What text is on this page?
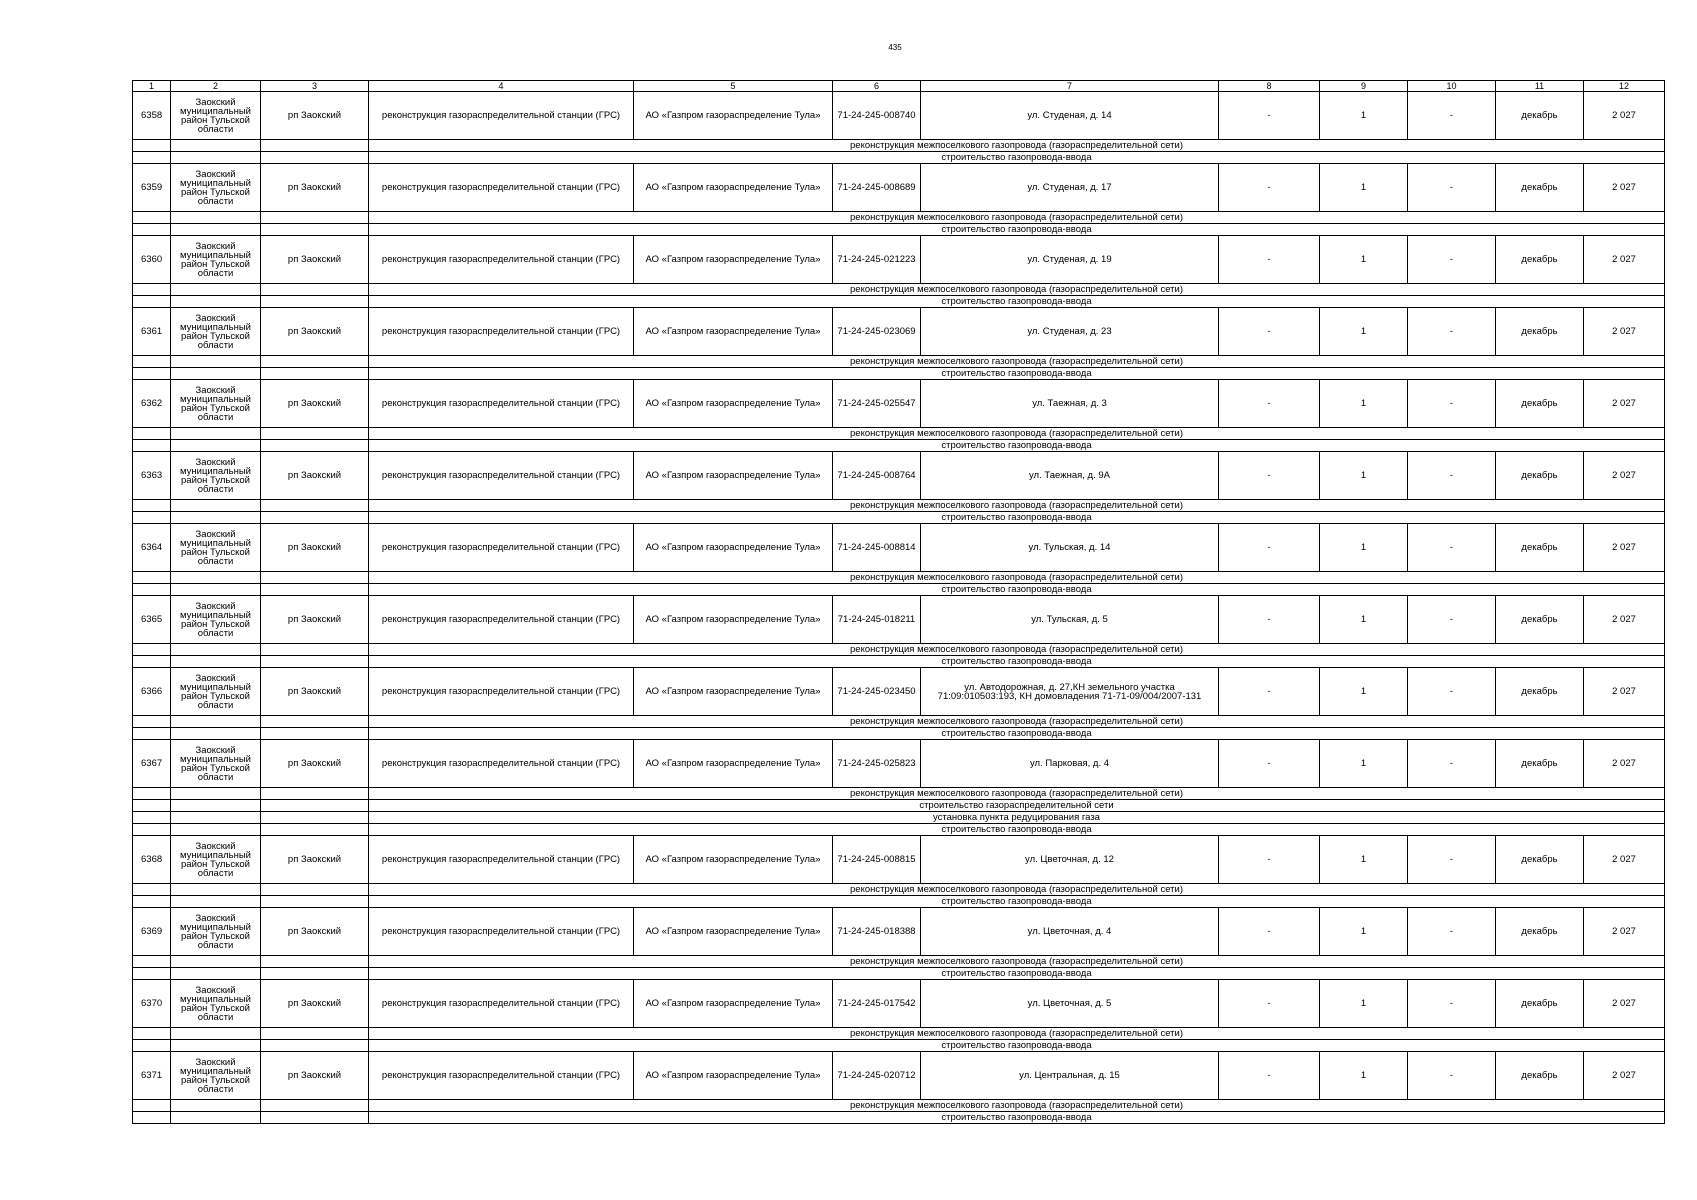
435
1	2	3	4	5	6	7	8	9	10	11	12
6358	Заокский муниципальный район Тульской области	рп Заокский	реконструкция газораспределительной станции (ГРС)	АО «Газпром газораспределение Тула»	71-24-245-008740	ул. Студеная, д. 14	-	1	-	декабрь	2 027
			реконструкция межпоселкового газопровода (газораспределительной сети)								
			строительство газопровода-ввода								
6359	Заокский муниципальный район Тульской области	рп Заокский	реконструкция газораспределительной станции (ГРС)	АО «Газпром газораспределение Тула»	71-24-245-008689	ул. Студеная, д. 17	-	1	-	декабрь	2 027
			реконструкция межпоселкового газопровода (газораспределительной сети)								
			строительство газопровода-ввода								
6360	Заокский муниципальный район Тульской области	рп Заокский	реконструкция газораспределительной станции (ГРС)	АО «Газпром газораспределение Тула»	71-24-245-021223	ул. Студеная, д. 19	-	1	-	декабрь	2 027
			реконструкция межпоселкового газопровода (газораспределительной сети)								
			строительство газопровода-ввода								
6361	Заокский муниципальный район Тульской области	рп Заокский	реконструкция газораспределительной станции (ГРС)	АО «Газпром газораспределение Тула»	71-24-245-023069	ул. Студеная, д. 23	-	1	-	декабрь	2 027
			реконструкция межпоселкового газопровода (газораспределительной сети)								
			строительство газопровода-ввода								
6362	Заокский муниципальный район Тульской области	рп Заокский	реконструкция газораспределительной станции (ГРС)	АО «Газпром газораспределение Тула»	71-24-245-025547	ул. Таежная, д. 3	-	1	-	декабрь	2 027
			реконструкция межпоселкового газопровода (газораспределительной сети)								
			строительство газопровода-ввода								
6363	Заокский муниципальный район Тульской области	рп Заокский	реконструкция газораспределительной станции (ГРС)	АО «Газпром газораспределение Тула»	71-24-245-008764	ул. Таежная, д. 9А	-	1	-	декабрь	2 027
			реконструкция межпоселкового газопровода (газораспределительной сети)								
			строительство газопровода-ввода								
6364	Заокский муниципальный район Тульской области	рп Заокский	реконструкция газораспределительной станции (ГРС)	АО «Газпром газораспределение Тула»	71-24-245-008814	ул. Тульская, д. 14	-	1	-	декабрь	2 027
			реконструкция межпоселкового газопровода (газораспределительной сети)								
			строительство газопровода-ввода								
6365	Заокский муниципальный район Тульской области	рп Заокский	реконструкция газораспределительной станции (ГРС)	АО «Газпром газораспределение Тула»	71-24-245-018211	ул. Тульская, д. 5	-	1	-	декабрь	2 027
			реконструкция межпоселкового газопровода (газораспределительной сети)								
			строительство газопровода-ввода								
6366	Заокский муниципальный район Тульской области	рп Заокский	реконструкция газораспределительной станции (ГРС)	АО «Газпром газораспределение Тула»	71-24-245-023450	ул. Автодорожная, д. 27,КН земельного участка
71:09:010503:193, КН домовладения 71-71-09/004/2007-131	-	1	-	декабрь	2 027
			реконструкция межпоселкового газопровода (газораспределительной сети)								
			строительство газопровода-ввода								
6367	Заокский муниципальный район Тульской области	рп Заокский	реконструкция газораспределительной станции (ГРС)	АО «Газпром газораспределение Тула»	71-24-245-025823	ул. Парковая, д. 4	-	1	-	декабрь	2 027
			реконструкция межпоселкового газопровода (газораспределительной сети)								
			строительство газораспределительной сети								
			установка пункта редуцирования газа								
			строительство газопровода-ввода								
6368	Заокский муниципальный район Тульской области	рп Заокский	реконструкция газораспределительной станции (ГРС)	АО «Газпром газораспределение Тула»	71-24-245-008815	ул. Цветочная, д. 12	-	1	-	декабрь	2 027
			реконструкция межпоселкового газопровода (газораспределительной сети)								
			строительство газопровода-ввода								
6369	Заокский муниципальный район Тульской области	рп Заокский	реконструкция газораспределительной станции (ГРС)	АО «Газпром газораспределение Тула»	71-24-245-018388	ул. Цветочная, д. 4	-	1	-	декабрь	2 027
			реконструкция межпоселкового газопровода (газораспределительной сети)								
			строительство газопровода-ввода								
6370	Заокский муниципальный район Тульской области	рп Заокский	реконструкция газораспределительной станции (ГРС)	АО «Газпром газораспределение Тула»	71-24-245-017542	ул. Цветочная, д. 5	-	1	-	декабрь	2 027
			реконструкция межпоселкового газопровода (газораспределительной сети)								
			строительство газопровода-ввода								
6371	Заокский муниципальный район Тульской области	рп Заокский	реконструкция газораспределительной станции (ГРС)	АО «Газпром газораспределение Тула»	71-24-245-020712	ул. Центральная, д. 15	-	1	-	декабрь	2 027
			реконструкция межпоселкового газопровода (газораспределительной сети)								
			строительство газопровода-ввода								
